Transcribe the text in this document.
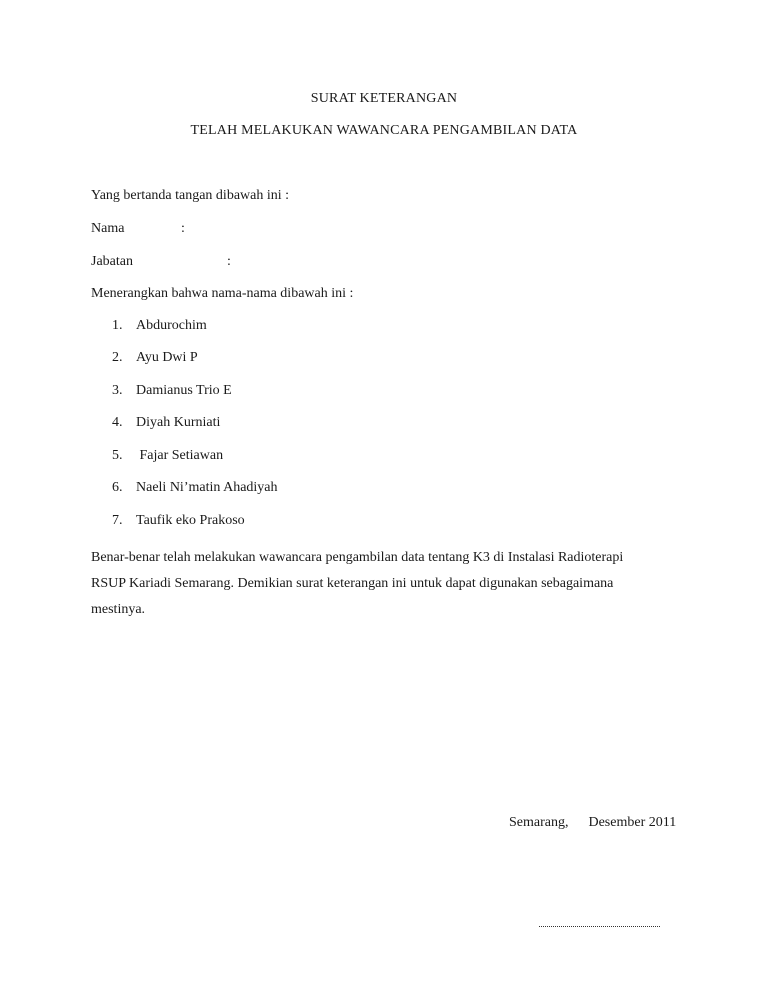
SURAT KETERANGAN
TELAH MELAKUKAN WAWANCARA PENGAMBILAN DATA
Yang bertanda tangan dibawah ini :
Nama	:
Jabatan	:
Menerangkan bahwa nama-nama dibawah ini :
1. Abdurochim
2. Ayu Dwi P
3. Damianus Trio E
4. Diyah Kurniati
5. Fajar Setiawan
6. Naeli Ni’matin Ahadiyah
7. Taufik eko Prakoso
Benar-benar telah melakukan wawancara pengambilan data tentang K3 di Instalasi Radioterapi
RSUP Kariadi Semarang. Demikian surat keterangan ini untuk dapat digunakan sebagaimana
mestinya.
Semarang, Desember 2011
